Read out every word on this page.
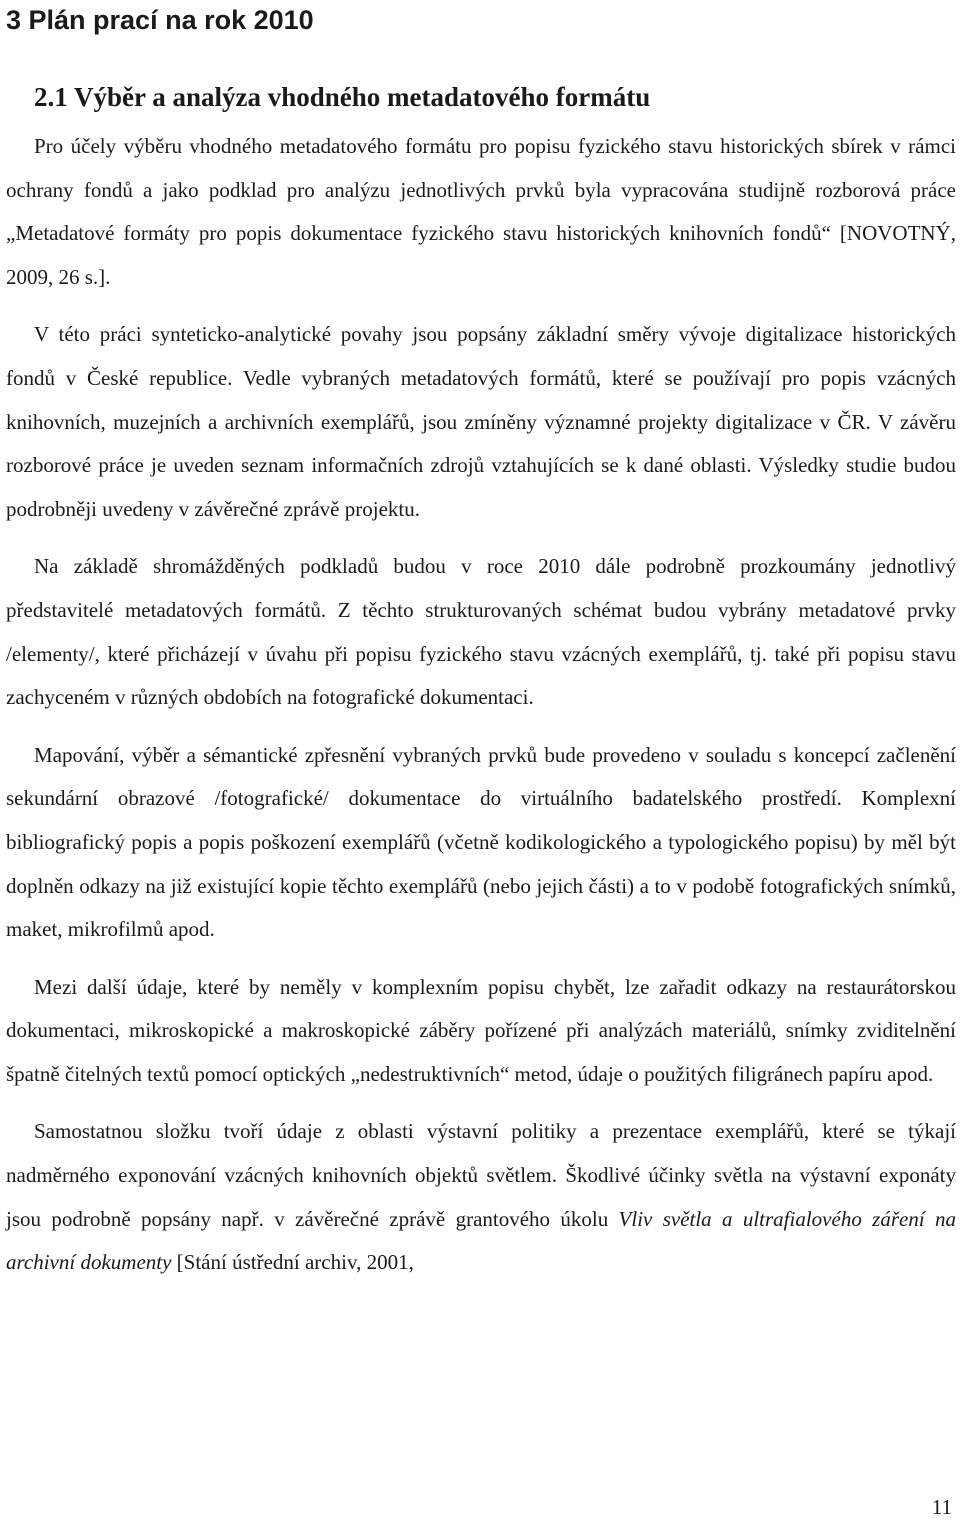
3 Plán prací na rok 2010
2.1 Výběr a analýza vhodného metadatového formátu

Pro účely výběru vhodného metadatového formátu pro popisu fyzického stavu historických sbírek v rámci ochrany fondů a jako podklad pro analýzu jednotlivých prvků byla vypracována studijně rozborová práce „Metadatové formáty pro popis dokumentace fyzického stavu historických knihovních fondů“ [NOVOTNÝ, 2009, 26 s.].

V této práci synteticko-analytické povahy jsou popsány základní směry vývoje digitalizace historických fondů v České republice. Vedle vybraných metadatových formátů, které se používají pro popis vzácných knihovních, muzejních a archivních exemplářů, jsou zmíněny významné projekty digitalizace v ČR. V závěru rozborové práce je uveden seznam informačních zdrojů vztahujících se k dané oblasti. Výsledky studie budou podrobněji uvedeny v závěrečné zprávě projektu.

Na základě shromážděných podkladů budou v roce 2010 dále podrobně prozkoumány jednotlivý představitelé metadatových formátů. Z těchto strukturovaných schémat budou vybrány metadatové prvky /elementy/, které přicházejí v úvahu při popisu fyzického stavu vzácných exemplářů, tj. také při popisu stavu zachyceném v různých obdobích na fotografické dokumentaci.

Mapování, výběr a sémantické zpřesnění vybraných prvků bude provedeno v souladu s koncepcí začlenění sekundární obrazové /fotografické/ dokumentace do virtuálního badatelského prostředí. Komplexní bibliografický popis a popis poškození exemplářů (včetně kodikologického a typologického popisu) by měl být doplněn odkazy na již existující kopie těchto exemplářů (nebo jejich části) a to v podobě fotografických snímků, maket, mikrofilmů apod.

Mezi další údaje, které by neměly v komplexním popisu chybět, lze zařadit odkazy na restaurátorskou dokumentaci, mikroskopické a makroskopické záběry pořízené při analýzách materiálů, snímky zviditelnění špatně čitelných textů pomocí optických „nedestruktivních“ metod, údaje o použitých filigránech papíru apod.

Samostatnou složku tvoří údaje z oblasti výstavní politiky a prezentace exemplářů, které se týkají nadměrného exponování vzácných knihovních objektů světlem. Škodlivé účinky světla na výstavní exponáty jsou podrobně popsány např. v závěrečné zprávě grantového úkolu Vliv světla a ultrafialového záření na archivní dokumenty [Stání ústřední archiv, 2001,

11
